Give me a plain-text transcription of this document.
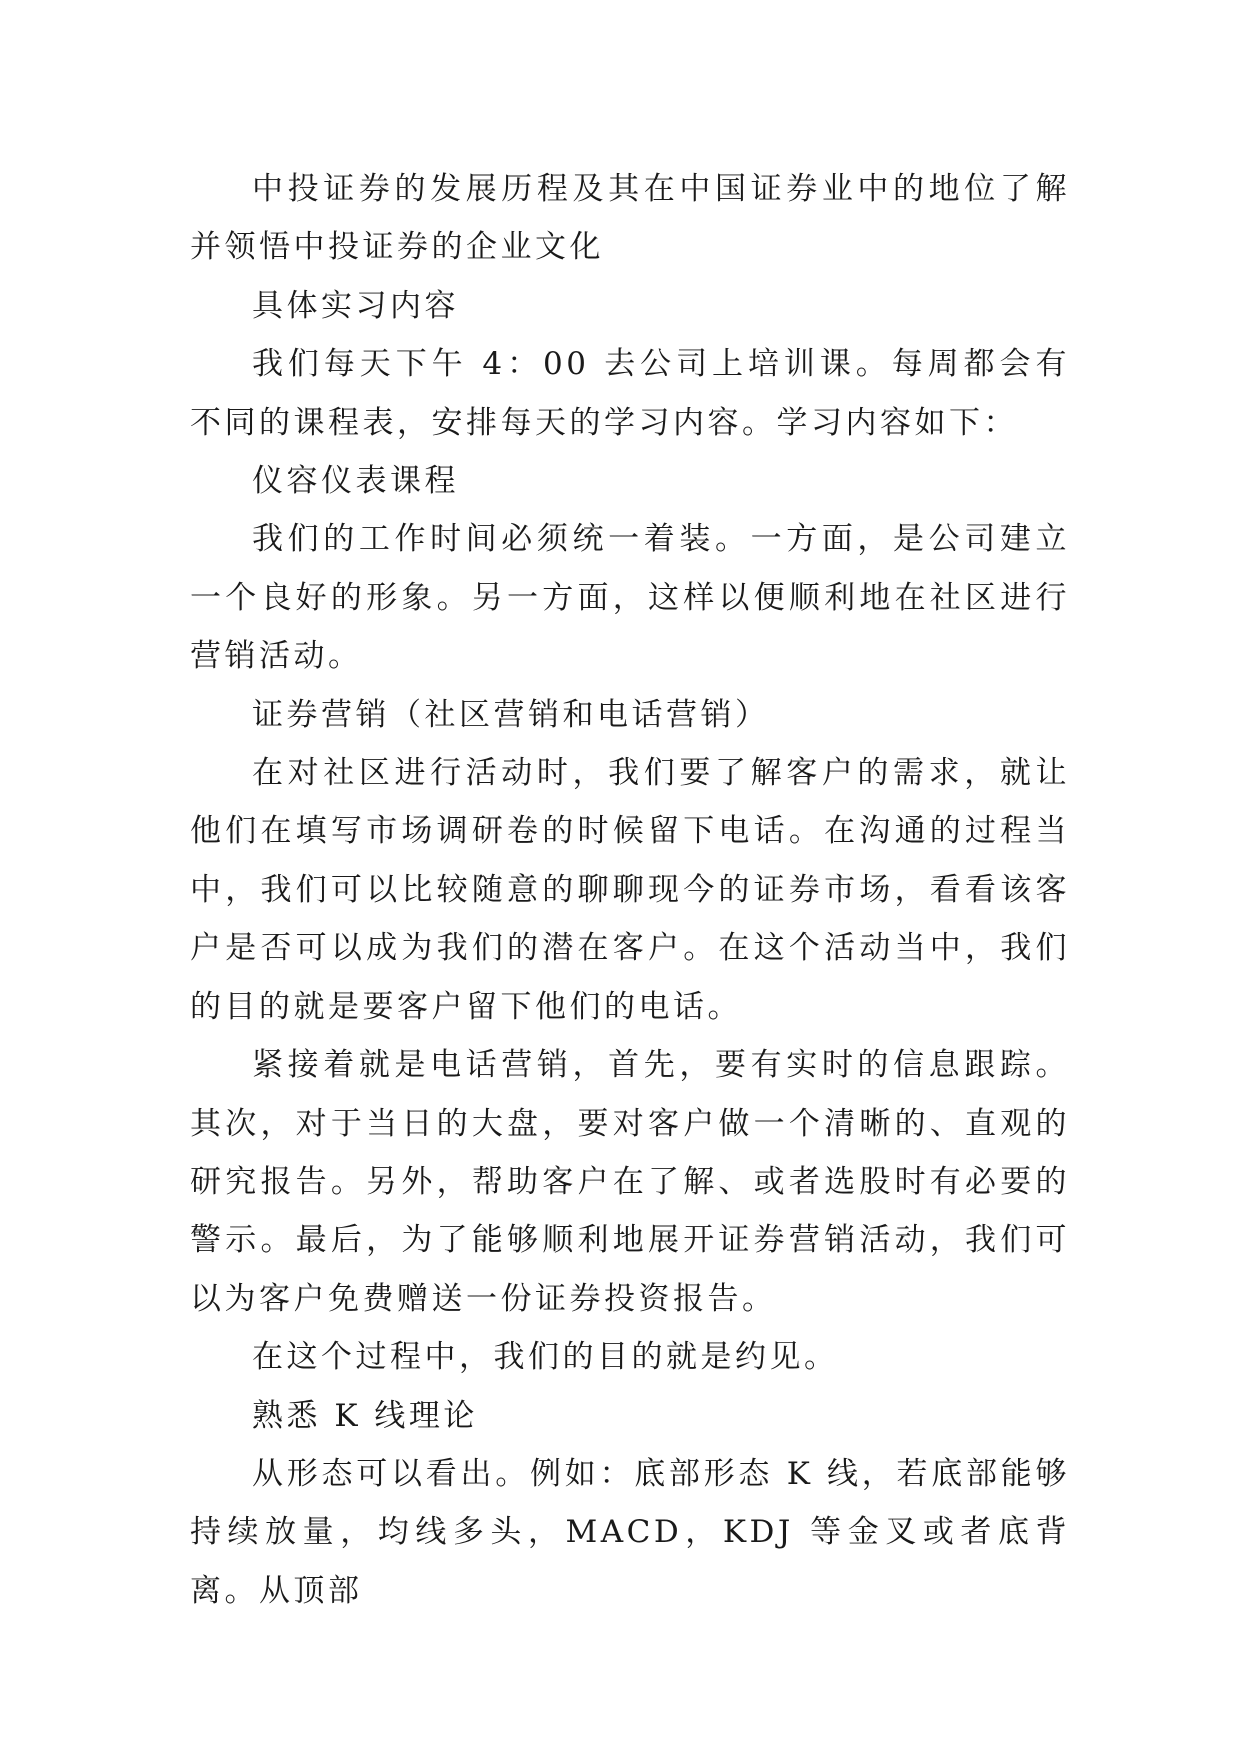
中投证券的发展历程及其在中国证券业中的地位了解并领悟中投证券的企业文化

具体实习内容

我们每天下午 4：00 去公司上培训课。每周都会有不同的课程表，安排每天的学习内容。学习内容如下：

仪容仪表课程

我们的工作时间必须统一着装。一方面，是公司建立一个良好的形象。另一方面，这样以便顺利地在社区进行营销活动。

证券营销（社区营销和电话营销）

在对社区进行活动时，我们要了解客户的需求，就让他们在填写市场调研卷的时候留下电话。在沟通的过程当中，我们可以比较随意的聊聊现今的证券市场，看看该客户是否可以成为我们的潜在客户。在这个活动当中，我们的目的就是要客户留下他们的电话。

紧接着就是电话营销，首先，要有实时的信息跟踪。其次，对于当日的大盘，要对客户做一个清晰的、直观的研究报告。另外，帮助客户在了解、或者选股时有必要的警示。最后，为了能够顺利地展开证券营销活动，我们可以为客户免费赠送一份证券投资报告。

在这个过程中，我们的目的就是约见。

熟悉 K 线理论

从形态可以看出。例如：底部形态 K 线，若底部能够持续放量，均线多头，MACD，KDJ 等金叉或者底背离。从顶部
